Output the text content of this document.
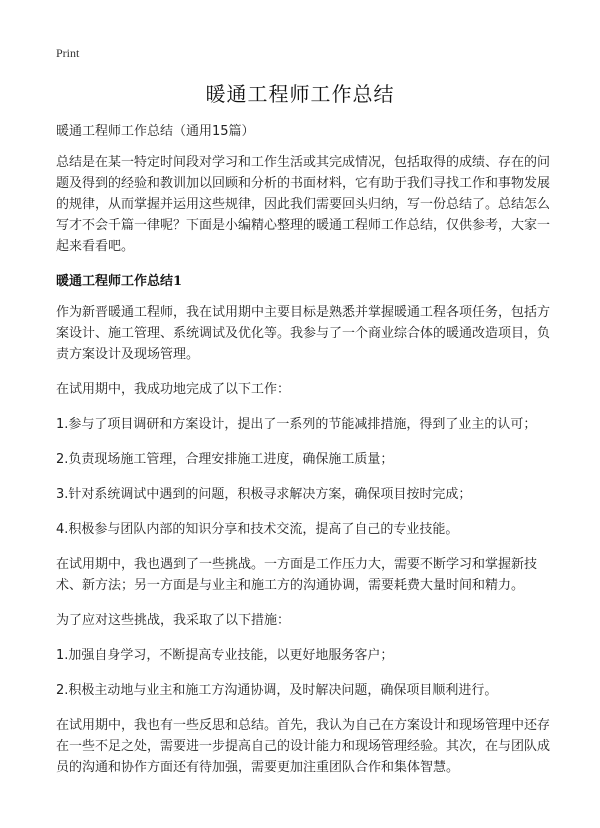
Print
暖通工程师工作总结

暖通工程师工作总结（通用15篇）

总结是在某一特定时间段对学习和工作生活或其完成情况，包括取得的成绩、存在的问题及得到的经验和教训加以回顾和分析的书面材料，它有助于我们寻找工作和事物发展的规律，从而掌握并运用这些规律，因此我们需要回头归纳，写一份总结了。总结怎么写才不会千篇一律呢？下面是小编精心整理的暖通工程师工作总结，仅供参考，大家一起来看看吧。

暖通工程师工作总结1

作为新晋暖通工程师，我在试用期中主要目标是熟悉并掌握暖通工程各项任务，包括方案设计、施工管理、系统调试及优化等。我参与了一个商业综合体的暖通改造项目，负责方案设计及现场管理。

在试用期中，我成功地完成了以下工作：

1.参与了项目调研和方案设计，提出了一系列的节能减排措施，得到了业主的认可；

2.负责现场施工管理，合理安排施工进度，确保施工质量；

3.针对系统调试中遇到的问题，积极寻求解决方案，确保项目按时完成；

4.积极参与团队内部的知识分享和技术交流，提高了自己的专业技能。

在试用期中，我也遇到了一些挑战。一方面是工作压力大，需要不断学习和掌握新技术、新方法；另一方面是与业主和施工方的沟通协调，需要耗费大量时间和精力。

为了应对这些挑战，我采取了以下措施：

1.加强自身学习，不断提高专业技能，以更好地服务客户；

2.积极主动地与业主和施工方沟通协调，及时解决问题，确保项目顺利进行。

在试用期中，我也有一些反思和总结。首先，我认为自己在方案设计和现场管理中还存在一些不足之处，需要进一步提高自己的设计能力和现场管理经验。其次，在与团队成员的沟通和协作方面还有待加强，需要更加注重团队合作和集体智慧。
